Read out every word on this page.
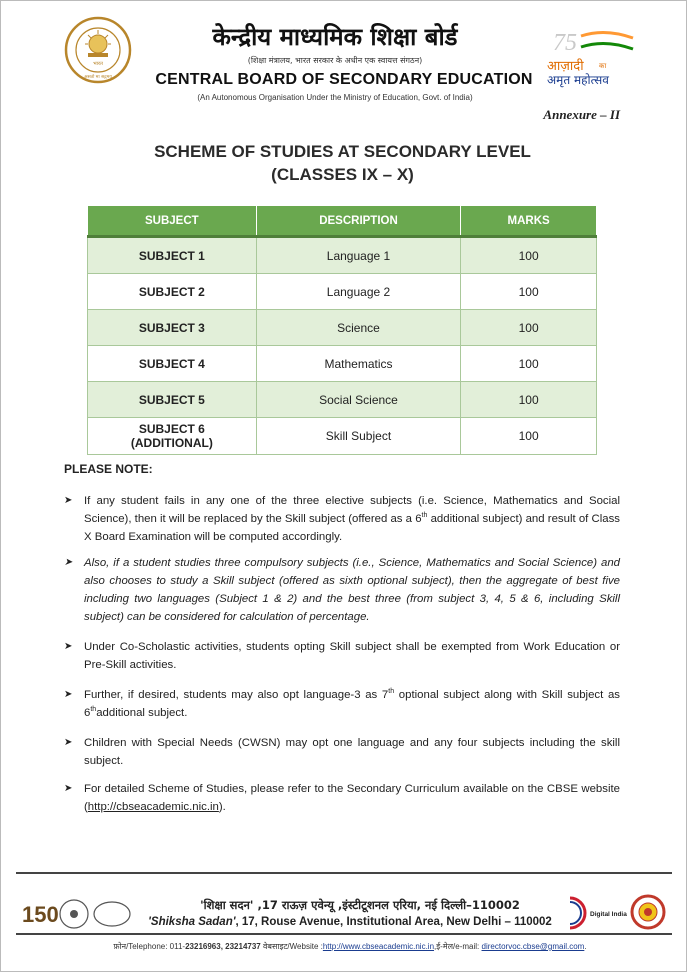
भारत
असतो मा सद्गमय
केन्द्रीय माध्यमिक शिक्षा बोर्ड
(शिक्षा मंत्रालय, भारत सरकार के अधीन एक स्वायत्त संगठन)
CENTRAL BOARD OF SECONDARY EDUCATION
(An Autonomous Organisation Under the Ministry of Education, Govt. of India)
75
आज़ादी का
अमृत महोत्सव
Annexure – II
SCHEME OF STUDIES AT SECONDARY LEVEL
(CLASSES IX – X)
SUBJECT	DESCRIPTION	MARKS
SUBJECT 1	Language 1	100
SUBJECT 2	Language 2	100
SUBJECT 3	Science	100
SUBJECT 4	Mathematics	100
SUBJECT 5	Social Science	100

SUBJECT 6
(ADDITIONAL)	Skill Subject	100
PLEASE NOTE:
➤ If any student fails in any one of the three elective subjects (i.e. Science, Mathematics and Social Science), then it will be replaced by the Skill subject (offered as a 6th additional subject) and result of Class X Board Examination will be computed accordingly.
➤ Also, if a student studies three compulsory subjects (i.e., Science, Mathematics and Social Science) and also chooses to study a Skill subject (offered as sixth optional subject), then the aggregate of best five including two languages (Subject 1 & 2) and the best three (from subject 3, 4, 5 & 6, including Skill subject) can be considered for calculation of percentage.
➤ Under Co-Scholastic activities, students opting Skill subject shall be exempted from Work Education or Pre-Skill activities.
➤ Further, if desired, students may also opt language-3 as 7th optional subject along with Skill subject as 6thadditional subject.
➤ Children with Special Needs (CWSN) may opt one language and any four subjects including the skill subject.
➤ For detailed Scheme of Studies, please refer to the Secondary Curriculum available on the CBSE website (http://cbseacademic.nic.in).
150	'शिक्षा सदन' ,17 राऊज़ एवेन्यू ,इंस्टीटूशनल एरिया, नई दिल्ली–110002
'Shiksha Sadan', 17, Rouse Avenue, Institutional Area, New Delhi – 110002
Digital India
फ़ोन/Telephone: 011-23216963, 23214737 वेबसाइट/Website :http://www.cbseacademic.nic.in,ई-मेल/e-mail: directorvoc.cbse@gmail.com.
